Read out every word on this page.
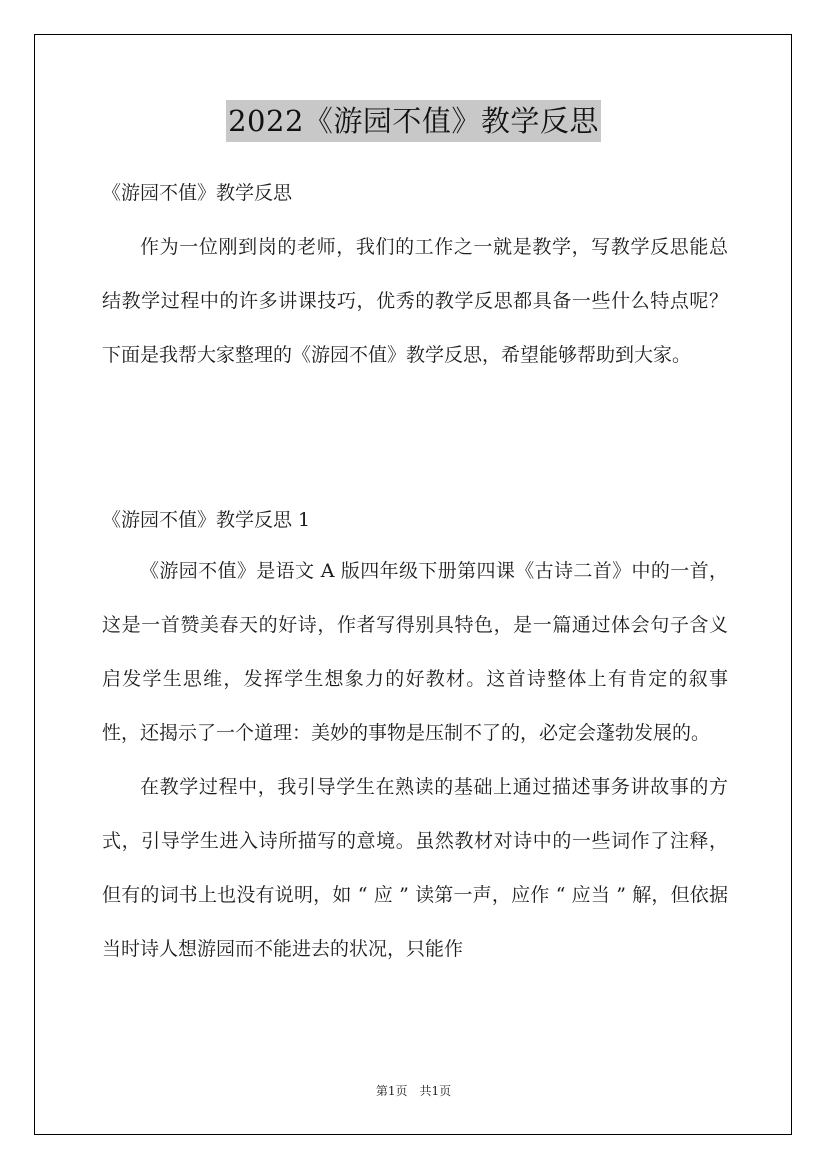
2022《游园不值》教学反思
《游园不值》教学反思

作为一位刚到岗的老师，我们的工作之一就是教学，写教学反思能总结教学过程中的许多讲课技巧，优秀的教学反思都具备一些什么特点呢？下面是我帮大家整理的《游园不值》教学反思，希望能够帮助到大家。

《游园不值》教学反思 1

《游园不值》是语文 A 版四年级下册第四课《古诗二首》中的一首，这是一首赞美春天的好诗，作者写得别具特色，是一篇通过体会句子含义启发学生思维，发挥学生想象力的好教材。这首诗整体上有肯定的叙事性，还揭示了一个道理：美妙的事物是压制不了的，必定会蓬勃发展的。

在教学过程中，我引导学生在熟读的基础上通过描述事务讲故事的方式，引导学生进入诗所描写的意境。虽然教材对诗中的一些词作了注释，但有的词书上也没有说明，如 “ 应 ” 读第一声，应作 “ 应当 ” 解，但依据当时诗人想游园而不能进去的状况，只能作

第1页　共1页
